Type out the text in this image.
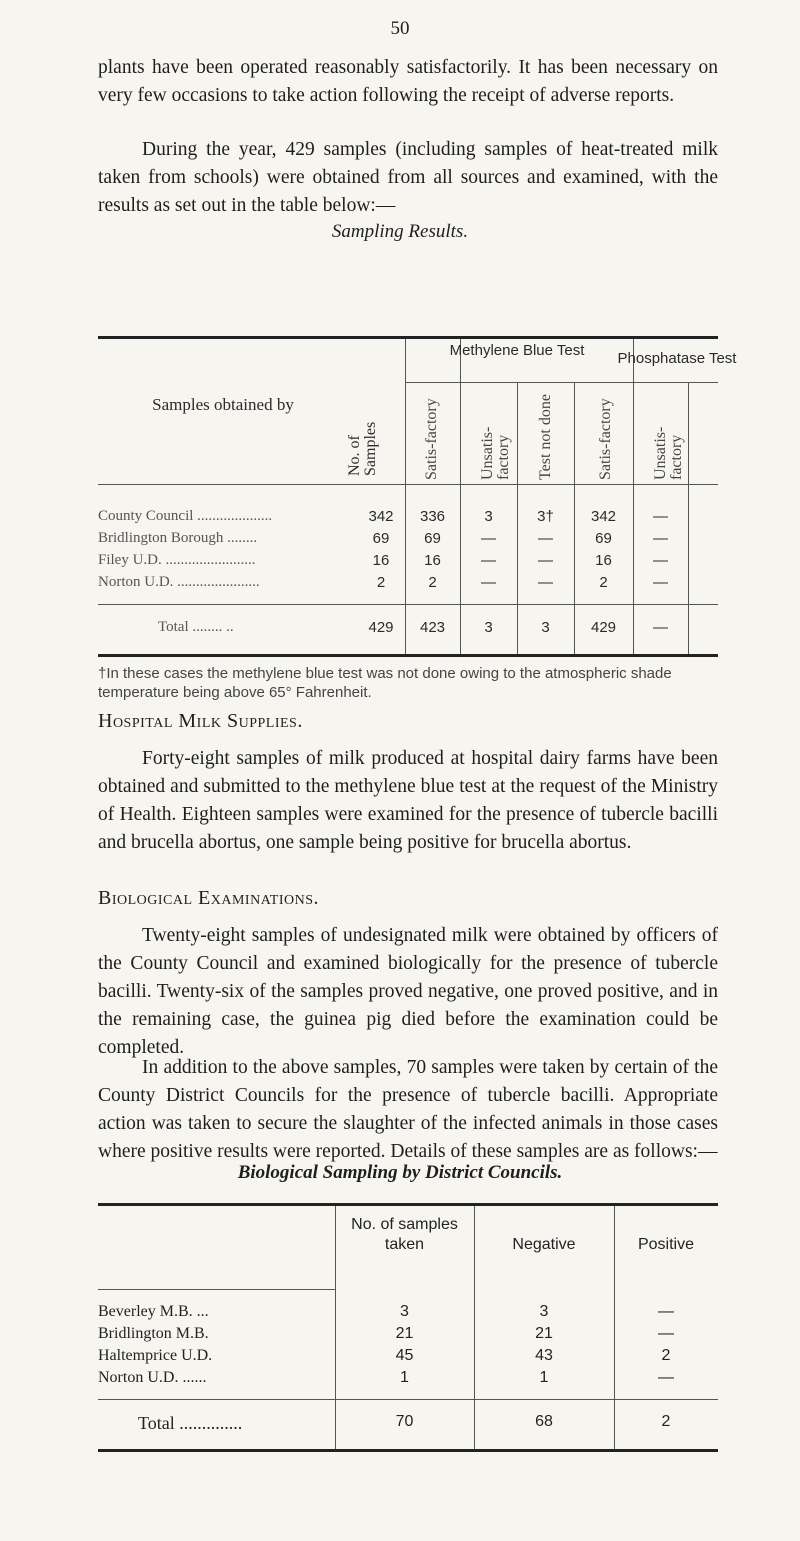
50
plants have been operated reasonably satisfactorily. It has been necessary on very few occasions to take action following the receipt of adverse reports.
During the year, 429 samples (including samples of heat-treated milk taken from schools) were obtained from all sources and examined, with the results as set out in the table below:—
Sampling Results.
Samples obtained by
No. of Samples
Methylene Blue Test	Phosphatase Test
Satis-factory Unsatis-factory Test not done	Satis-factory Unsatis-factory
County Council ....................	342	336	3	3†	342	—
Bridlington Borough ........	69	69	—	—	69	—
Filey U.D. ........................	16	16	—	—	16	—
Norton U.D. ......................	2	2	—	—	2	—
Total ........ ..	429	423	3	3	429	—
†In these cases the methylene blue test was not done owing to the atmospheric shade temperature being above 65° Fahrenheit.
Hospital Milk Supplies.
Forty-eight samples of milk produced at hospital dairy farms have been obtained and submitted to the methylene blue test at the request of the Ministry of Health. Eighteen samples were examined for the presence of tubercle bacilli and brucella abortus, one sample being positive for brucella abortus.
Biological Examinations.
Twenty-eight samples of undesignated milk were obtained by officers of the County Council and examined biologically for the presence of tubercle bacilli. Twenty-six of the samples proved negative, one proved positive, and in the remaining case, the guinea pig died before the examination could be completed.
In addition to the above samples, 70 samples were taken by certain of the County District Councils for the presence of tubercle bacilli. Appropriate action was taken to secure the slaughter of the infected animals in those cases where positive results were reported. Details of these samples are as follows:—
Biological Sampling by District Councils.
No. of samples taken	Negative	Positive
Beverley M.B. ...	3	3	—
Bridlington M.B.	21	21	—
Haltemprice U.D.	45	43	2
Norton U.D. ......	1	1	—
Total ..............	70	68	2
